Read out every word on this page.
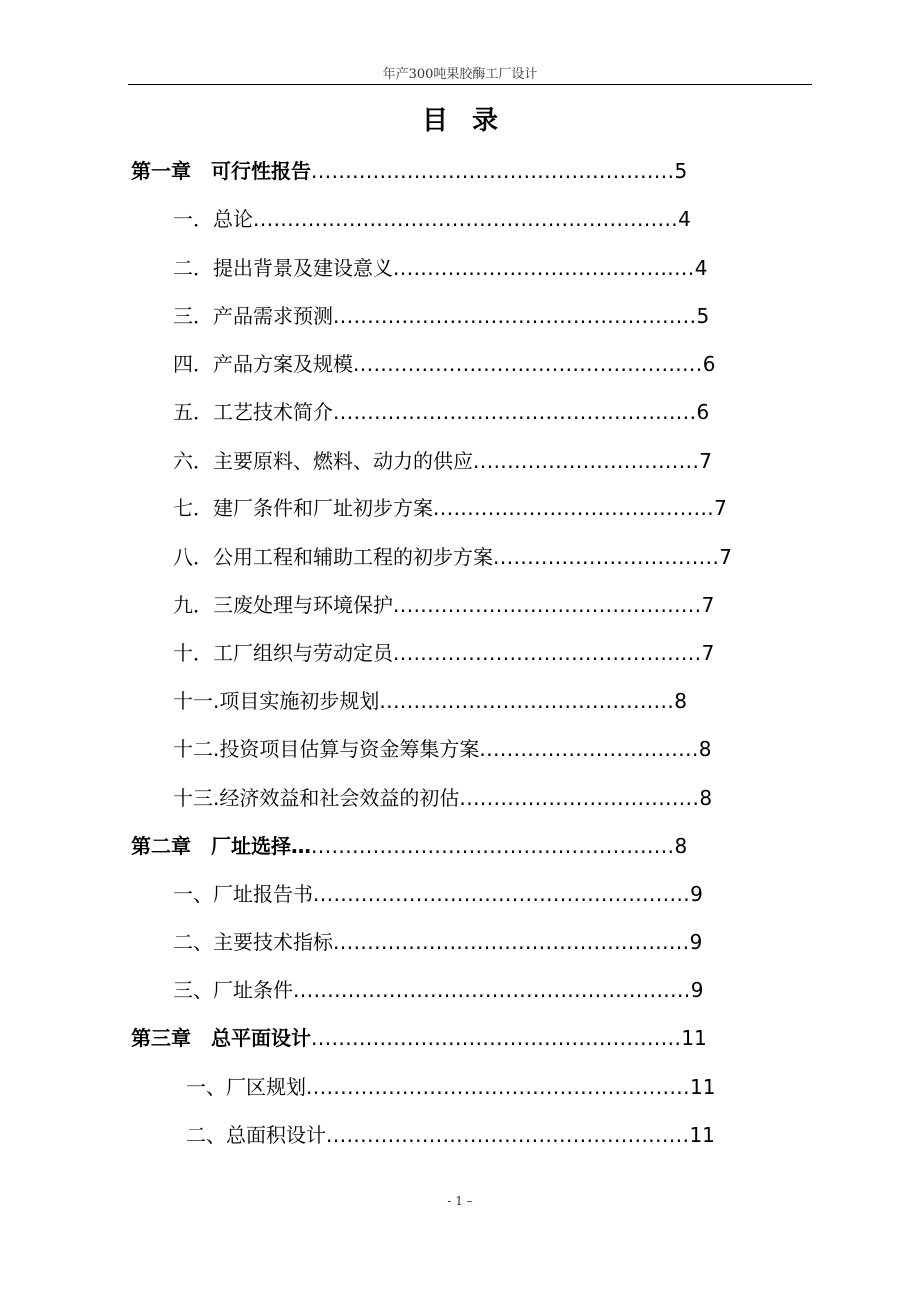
年产300吨果胶酶工厂设计
目录
第一章　可行性报告.....................................................5
一．总论..............................................................4
二．提出背景及建设意义............................................4
三．产品需求预测.....................................................5
四．产品方案及规模...................................................6
五．工艺技术简介.....................................................6
六．主要原料、燃料、动力的供应.................................7
七．建厂条件和厂址初步方案.........................................7
八．公用工程和辅助工程的初步方案.................................7
九．三废处理与环境保护.............................................7
十．工厂组织与劳动定员.............................................7
十一.项目实施初步规划...........................................8
十二.投资项目估算与资金筹集方案................................8
十三.经济效益和社会效益的初估...................................8
第二章　厂址选择….....................................................8
一、厂址报告书.......................................................9
二、主要技术指标....................................................9
三、厂址条件..........................................................9
第三章　总平面设计......................................................11
一、厂区规划........................................................11
二、总面积设计.....................................................11
- 1 –
